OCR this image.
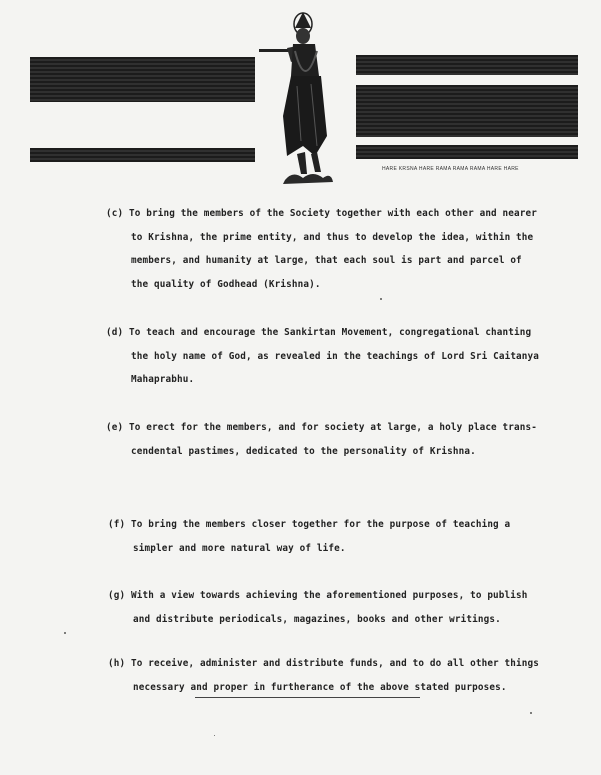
HARE KRSNA HARE RAMA RAMA RAMA HARE HARE
(c) To bring the members of the Society together with each other and nearer
to Krishna, the prime entity, and thus to develop the idea, within the
members, and humanity at large, that each soul is part and parcel of
the quality of Godhead (Krishna).
(d) To teach and encourage the Sankirtan Movement, congregational chanting
the holy name of God, as revealed in the teachings of Lord Sri Caitanya
Mahaprabhu.
(e) To erect for the members, and for society at large, a holy place trans-
cendental pastimes, dedicated to the personality of Krishna.
(f) To bring the members closer together for the purpose of teaching a
simpler and more natural way of life.
(g) With a view towards achieving the aforementioned purposes, to publish
and distribute periodicals, magazines, books and other writings.
(h) To receive, administer and distribute funds, and to do all other things
necessary and proper in furtherance of the above stated purposes.
